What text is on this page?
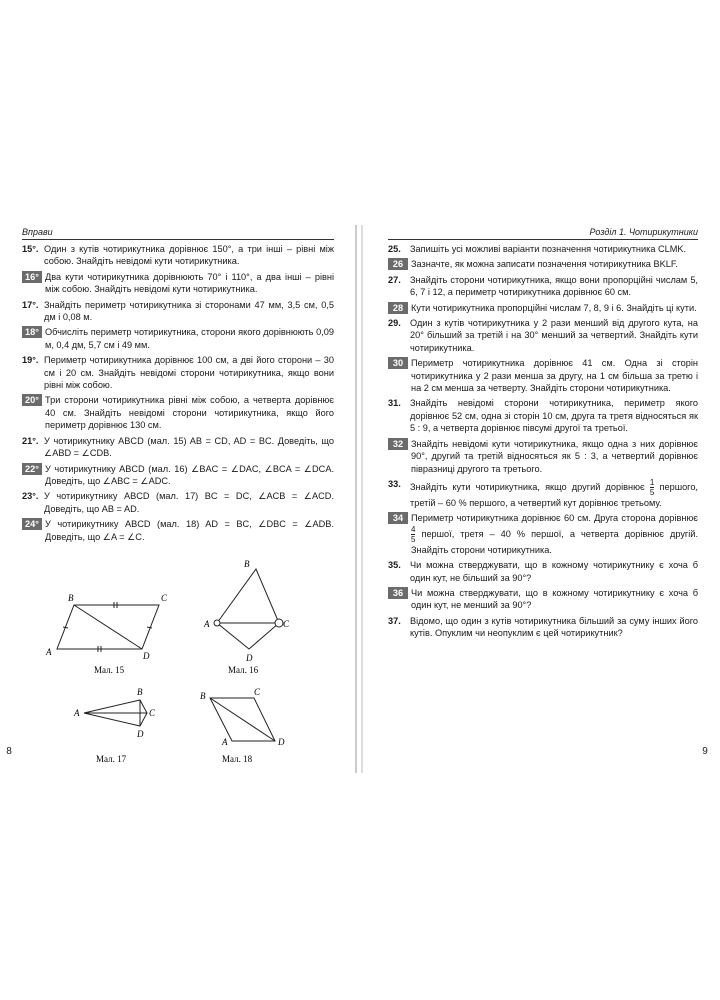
Вправи
15°. Один з кутів чотирикутника дорівнює 150°, а три інші – рівні між собою. Знайдіть невідомі кути чотирикутника.
16° Два кути чотирикутника дорівнюють 70° і 110°, а два інші – рівні між собою. Знайдіть невідомі кути чотирикутника.
17°. Знайдіть периметр чотирикутника зі сторонами 47 мм, 3,5 см, 0,5 дм і 0,08 м.
18° Обчисліть периметр чотирикутника, сторони якого дорівнюють 0,09 м, 0,4 дм, 5,7 см і 49 мм.
19°. Периметр чотирикутника дорівнює 100 см, а дві його сторони – 30 см і 20 см. Знайдіть невідомі сторони чотирикутника, якщо вони рівні між собою.
20° Три сторони чотирикутника рівні між собою, а четверта дорівнює 40 см. Знайдіть невідомі сторони чотирикутника, якщо його периметр дорівнює 130 см.
21°. У чотирикутнику ABCD (мал. 15) AB = CD, AD = BC. Доведіть, що ∠ABD = ∠CDB.
22° У чотирикутнику ABCD (мал. 16) ∠BAC = ∠DAC, ∠BCA = ∠DCA. Доведіть, що ∠ABC = ∠ADC.
23°. У чотирикутнику ABCD (мал. 17) BC = DC, ∠ACB = ∠ACD. Доведіть, що AB = AD.
24° У чотирикутнику ABCD (мал. 18) AD = BC, ∠DBC = ∠ADB. Доведіть, що ∠A = ∠C.
B	C
A	D
Мал. 15
B
C
A
D
Мал. 16
B
C
A
D
Мал. 17
B	C
A	D
Мал. 18
8
Розділ 1. Чотирикутники
25.	Запишіть усі можливі варіанти позначення чотирикутника CLMK.
26 Зазначте, як можна записати позначення чотирикутника BKLF.
27.	Знайдіть сторони чотирикутника, якщо вони пропорційні числам 5, 6, 7 і 12, а периметр чотирикутника дорівнює 60 см.
28 Кути чотирикутника пропорційні числам 7, 8, 9 і 6. Знайдіть ці кути.
29.	Один з кутів чотирикутника у 2 рази менший від другого кута, на 20° більший за третій і на 30° менший за четвертий. Знайдіть кути чотирикутника.
30 Периметр чотирикутника дорівнює 41 см. Одна зі сторін чотирикутника у 2 рази менша за другу, на 1 см більша за третю і на 2 см менша за четверту. Знайдіть сторони чотирикутника.
31.	Знайдіть невідомі сторони чотирикутника, периметр якого дорівнює 52 см, одна зі сторін 10 см, друга та третя відносяться як 5 : 9, а четверта дорівнює півсумі другої та третьої.
32 Знайдіть невідомі кути чотирикутника, якщо одна з них дорівнює 90°, другий та третій відносяться як 5 : 3, а четвертий дорівнює півразниці другого та третього.
33.	Знайдіть кути чотирикутника, якщо другий дорівнює $\frac{1}{5}$ першого, третій – 60 % першого, а четвертий кут дорівнює третьому.
34 Периметр чотирикутника дорівнює 60 см. Друга сторона дорівнює
$\frac{4}{5}$ першої, третя – 40 % першої, а четверта дорівнює другій. Знайдіть сторони чотирикутника.
35.	Чи можна стверджувати, що в кожному чотирикутнику є хоча б один кут, не більший за 90°?
36 Чи можна стверджувати, що в кожному чотирикутнику є хоча б один кут, не менший за 90°?
37.	Відомо, що один з кутів чотирикутника більший за суму інших його кутів. Опуклим чи неопуклим є цей чотирикутник?
9
